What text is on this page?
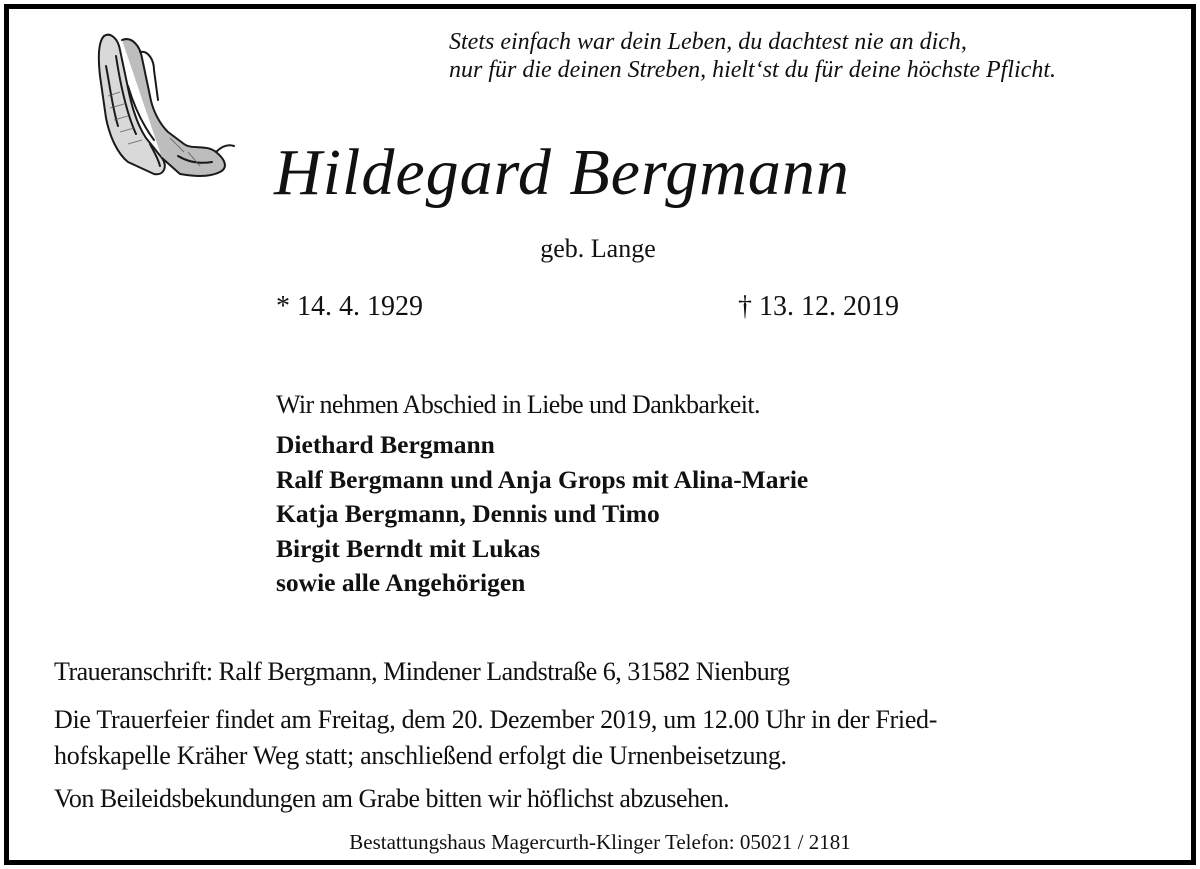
Stets einfach war dein Leben, du dachtest nie an dich,
nur für die deinen Streben, hielt‘st du für deine höchste Pflicht.
Hildegard Bergmann
geb. Lange
* 14. 4. 1929	† 13. 12. 2019
Wir nehmen Abschied in Liebe und Dankbarkeit.
Diethard Bergmann
Ralf Bergmann und Anja Grops mit Alina-Marie
Katja Bergmann, Dennis und Timo
Birgit Berndt mit Lukas
sowie alle Angehörigen
Traueranschrift: Ralf Bergmann, Mindener Landstraße 6, 31582 Nienburg
Die Trauerfeier findet am Freitag, dem 20. Dezember 2019, um 12.00 Uhr in der Fried-
hofskapelle Kräher Weg statt; anschließend erfolgt die Urnenbeisetzung.
Von Beileidsbekundungen am Grabe bitten wir höflichst abzusehen.
Bestattungshaus Magercurth-Klinger Telefon: 05021 / 2181
